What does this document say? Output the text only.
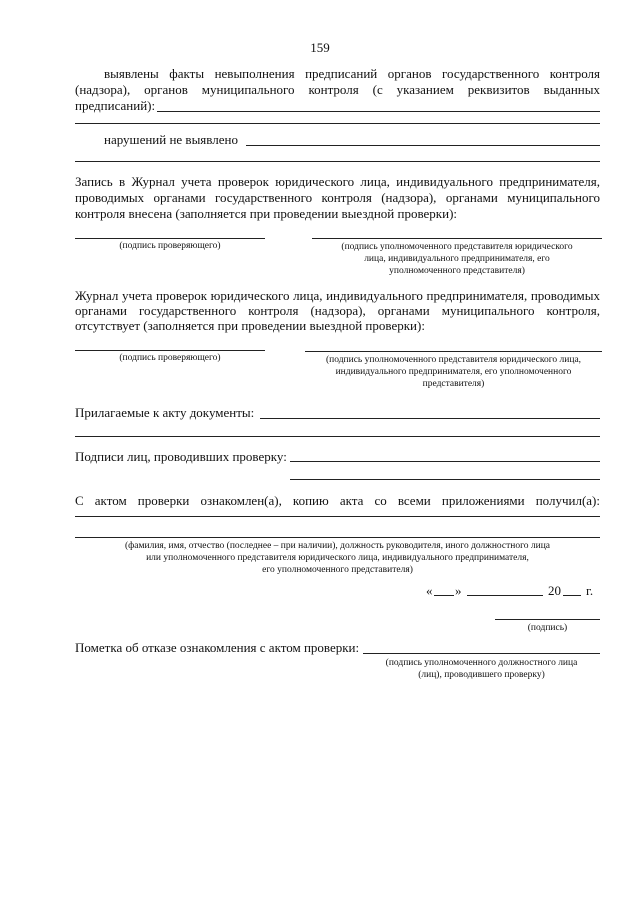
159
выявлены факты невыполнения предписаний органов государственного контроля
(надзора), органов муниципального контроля (с указанием реквизитов выданных
предписаний):
нарушений не выявлено
Запись в Журнал учета проверок юридического лица, индивидуального предпринимателя,
проводимых органами государственного контроля (надзора), органами муниципального
контроля внесена (заполняется при проведении выездной проверки):
(подпись проверяющего)	(подпись уполномоченного представителя юридического
лица, индивидуального предпринимателя, его
уполномоченного представителя)
Журнал учета проверок юридического лица, индивидуального предпринимателя, проводимых
органами государственного контроля (надзора), органами муниципального контроля,
отсутствует (заполняется при проведении выездной проверки):
(подпись проверяющего)	(подпись уполномоченного представителя юридического лица,
индивидуального предпринимателя, его уполномоченного
представителя)
Прилагаемые к акту документы:
Подписи лиц, проводивших проверку:
С актом проверки ознакомлен(а), копию акта со всеми приложениями получил(а):
(фамилия, имя, отчество (последнее – при наличии), должность руководителя, иного должностного лица
или уполномоченного представителя юридического лица, индивидуального предпринимателя,
его уполномоченного представителя)
« »	20 г.
(подпись)
Пометка об отказе ознакомления с актом проверки:
(подпись уполномоченного должностного лица
(лиц), проводившего проверку)
